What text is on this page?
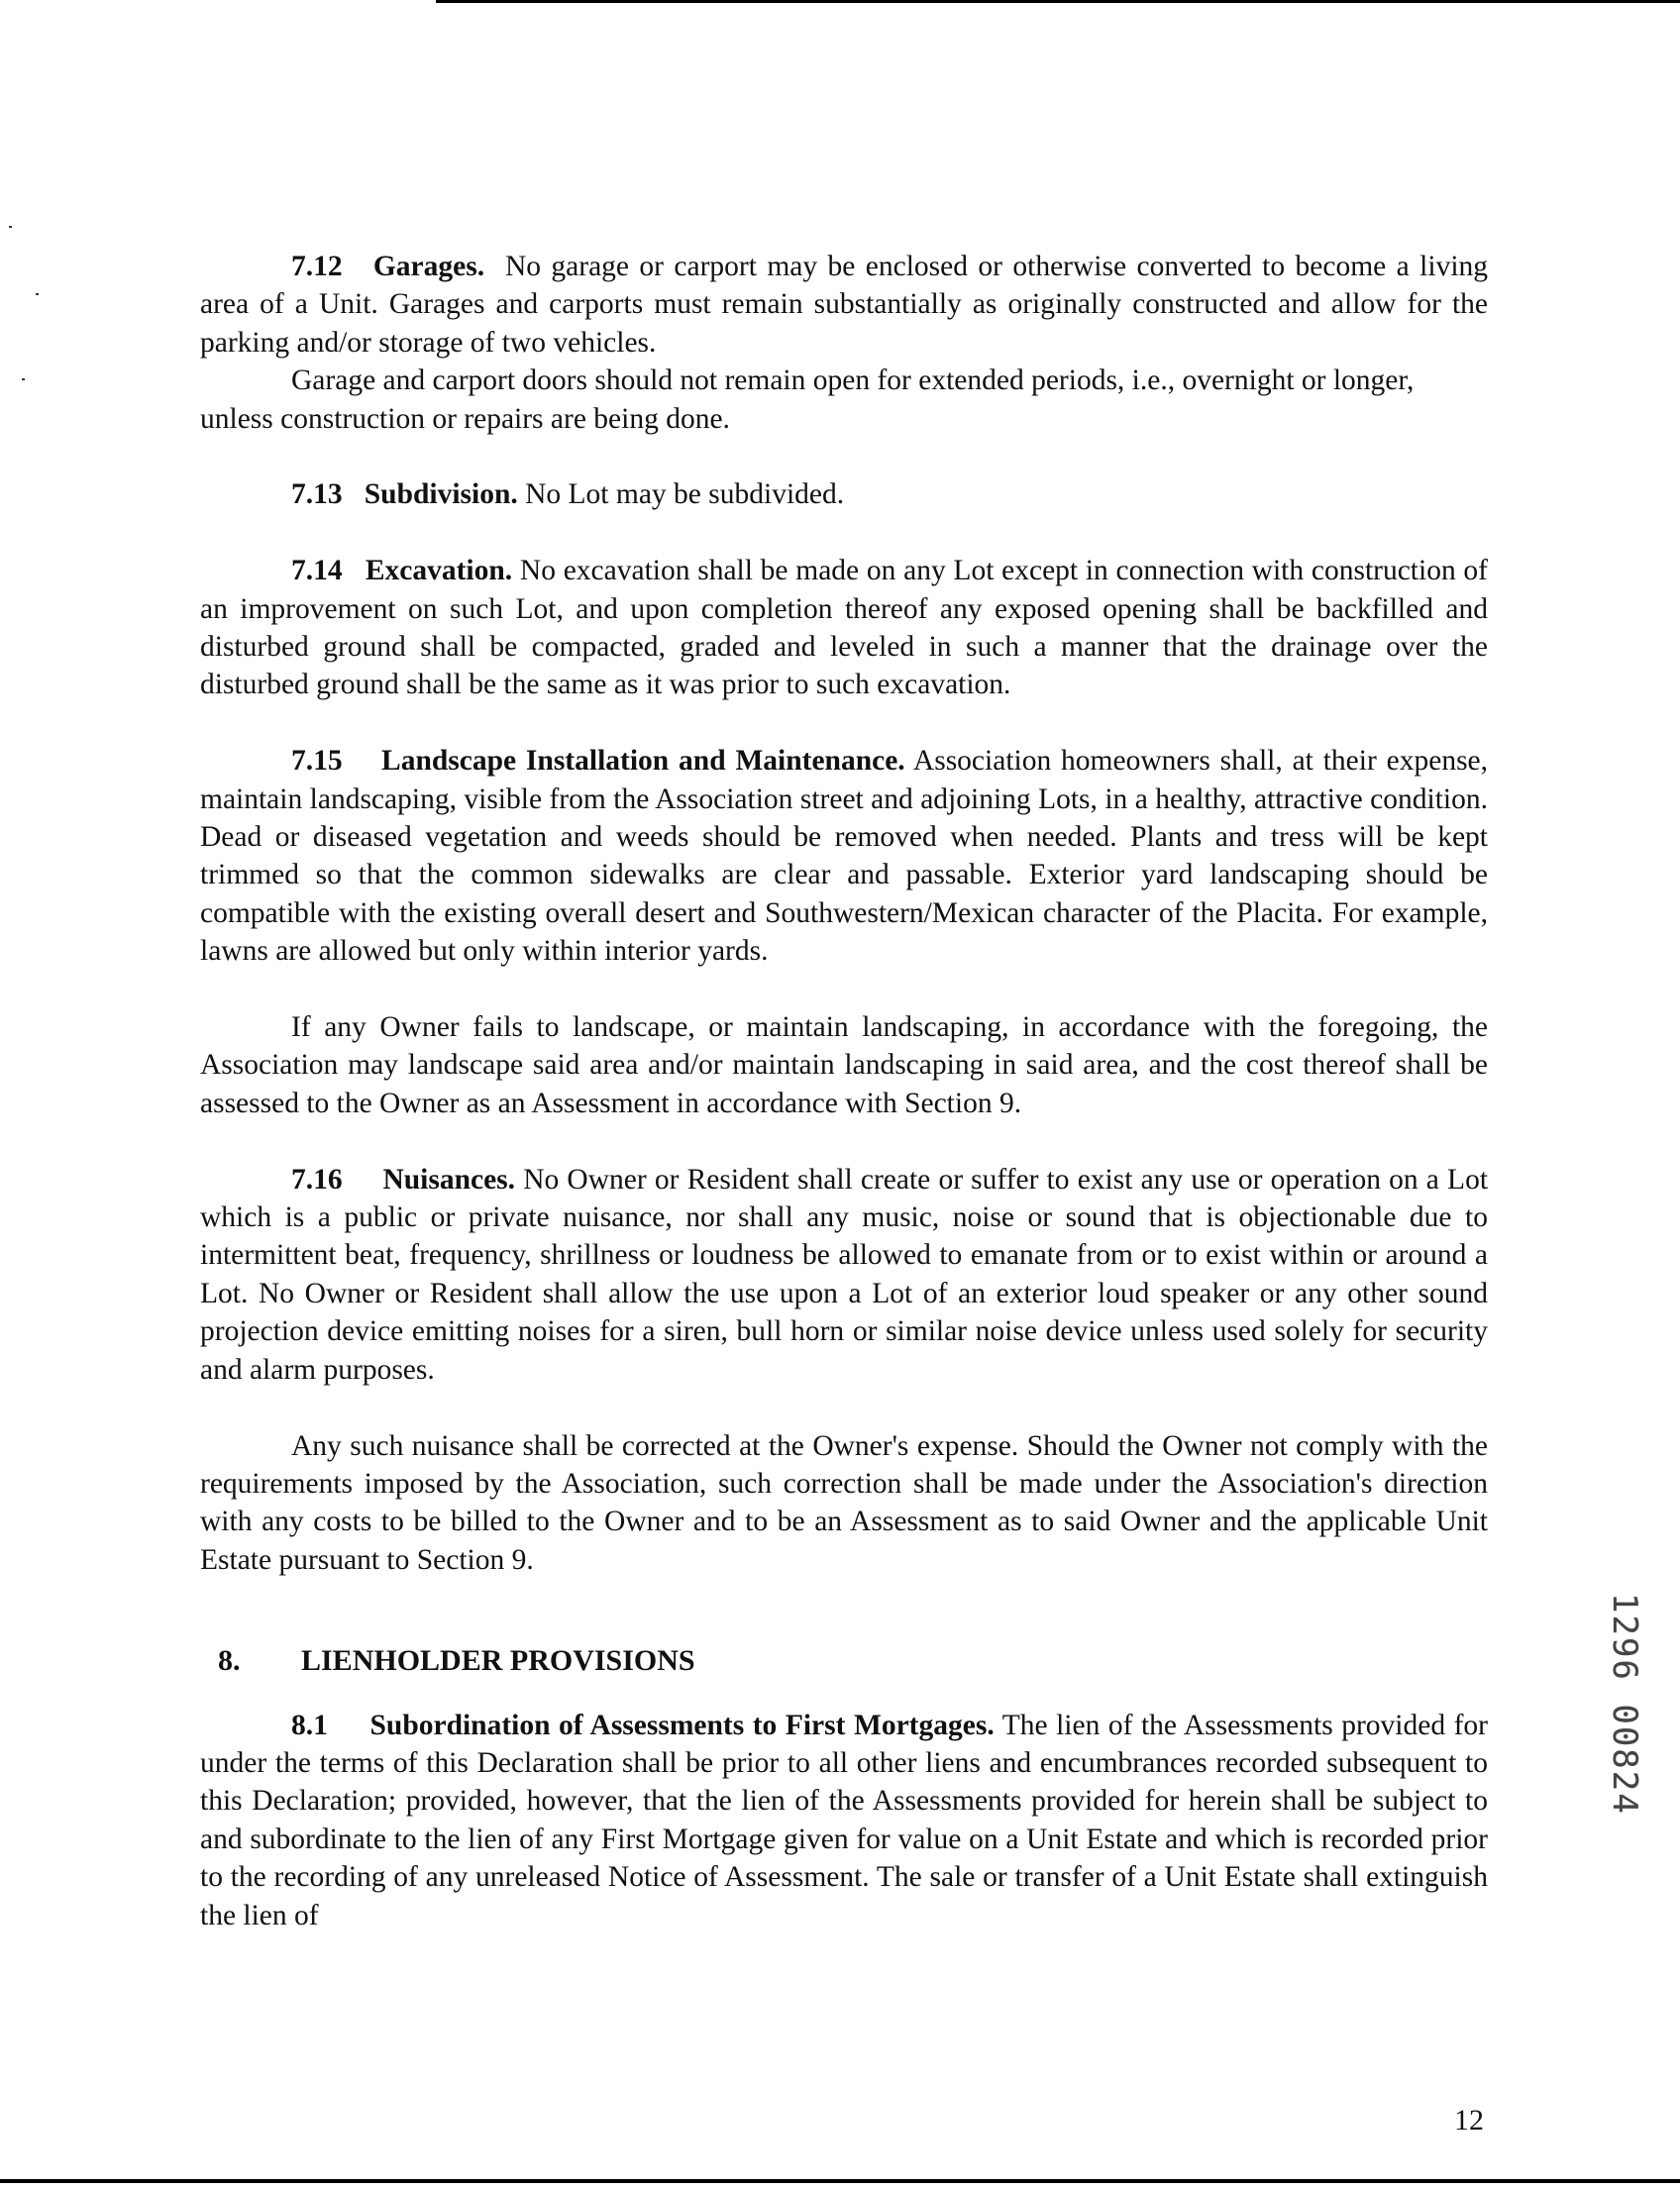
7.12 Garages. No garage or carport may be enclosed or otherwise converted to become a living area of a Unit. Garages and carports must remain substantially as originally constructed and allow for the parking and/or storage of two vehicles.

Garage and carport doors should not remain open for extended periods, i.e., overnight or longer, unless construction or repairs are being done.

7.13 Subdivision. No Lot may be subdivided.

7.14 Excavation. No excavation shall be made on any Lot except in connection with construction of an improvement on such Lot, and upon completion thereof any exposed opening shall be backfilled and disturbed ground shall be compacted, graded and leveled in such a manner that the drainage over the disturbed ground shall be the same as it was prior to such excavation.

7.15 Landscape Installation and Maintenance. Association homeowners shall, at their expense, maintain landscaping, visible from the Association street and adjoining Lots, in a healthy, attractive condition. Dead or diseased vegetation and weeds should be removed when needed. Plants and tress will be kept trimmed so that the common sidewalks are clear and passable. Exterior yard landscaping should be compatible with the existing overall desert and Southwestern/Mexican character of the Placita. For example, lawns are allowed but only within interior yards.

If any Owner fails to landscape, or maintain landscaping, in accordance with the foregoing, the Association may landscape said area and/or maintain landscaping in said area, and the cost thereof shall be assessed to the Owner as an Assessment in accordance with Section 9.

7.16 Nuisances. No Owner or Resident shall create or suffer to exist any use or operation on a Lot which is a public or private nuisance, nor shall any music, noise or sound that is objectionable due to intermittent beat, frequency, shrillness or loudness be allowed to emanate from or to exist within or around a Lot. No Owner or Resident shall allow the use upon a Lot of an exterior loud speaker or any other sound projection device emitting noises for a siren, bull horn or similar noise device unless used solely for security and alarm purposes.

Any such nuisance shall be corrected at the Owner's expense. Should the Owner not comply with the requirements imposed by the Association, such correction shall be made under the Association's direction with any costs to be billed to the Owner and to be an Assessment as to said Owner and the applicable Unit Estate pursuant to Section 9.

8. LIENHOLDER PROVISIONS

8.1 Subordination of Assessments to First Mortgages. The lien of the Assessments provided for under the terms of this Declaration shall be prior to all other liens and encumbrances recorded subsequent to this Declaration; provided, however, that the lien of the Assessments provided for herein shall be subject to and subordinate to the lien of any First Mortgage given for value on a Unit Estate and which is recorded prior to the recording of any unreleased Notice of Assessment. The sale or transfer of a Unit Estate shall extinguish the lien of

1296 00824
12
